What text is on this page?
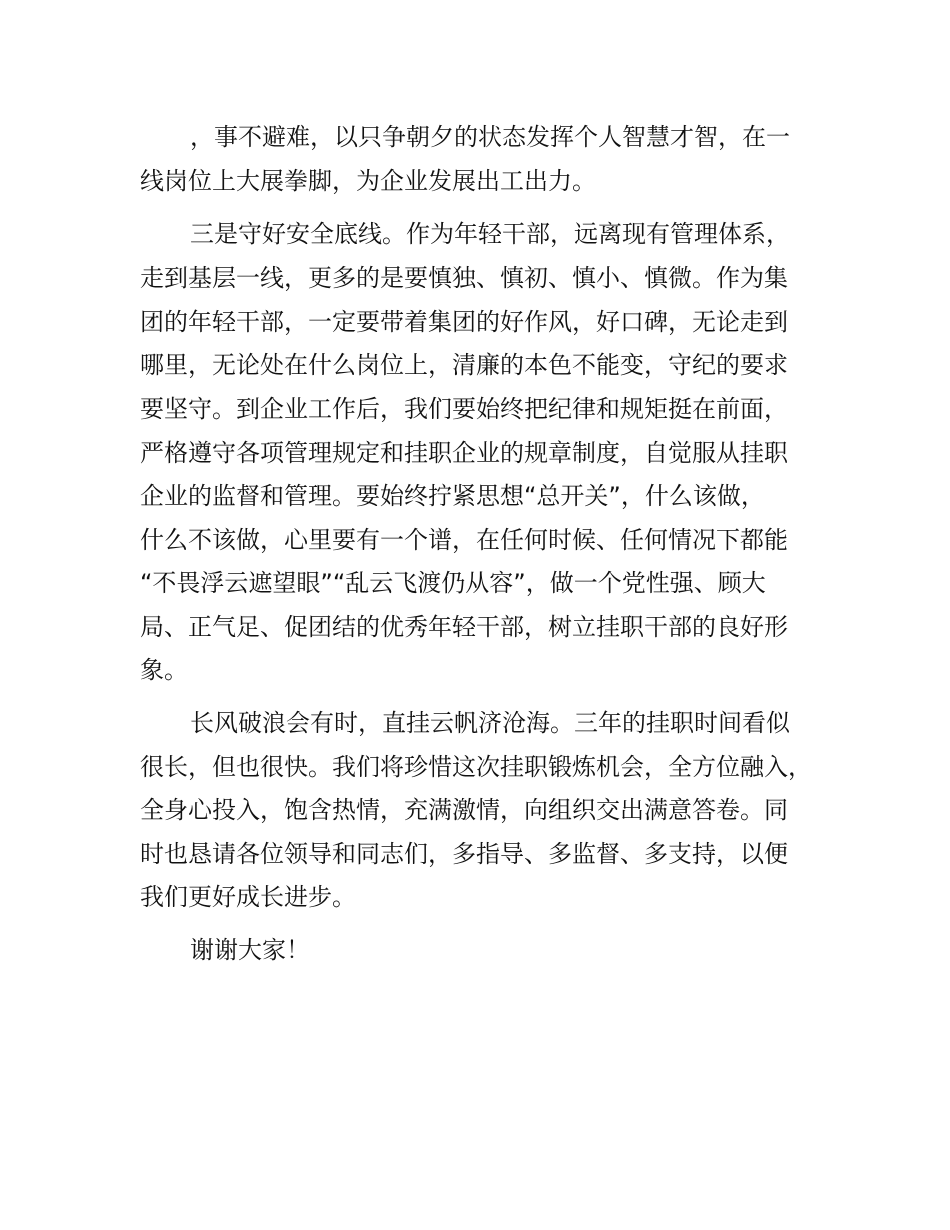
，事不避难，以只争朝夕的状态发挥个人智慧才智，在一
线岗位上大展拳脚，为企业发展出工出力。
三是守好安全底线。作为年轻干部，远离现有管理体系，
走到基层一线，更多的是要慎独、慎初、慎小、慎微。作为集
团的年轻干部，一定要带着集团的好作风，好口碑，无论走到
哪里，无论处在什么岗位上，清廉的本色不能变，守纪的要求
要坚守。到企业工作后，我们要始终把纪律和规矩挺在前面，
严格遵守各项管理规定和挂职企业的规章制度，自觉服从挂职
企业的监督和管理。要始终拧紧思想“总开关”，什么该做，
什么不该做，心里要有一个谱，在任何时候、任何情况下都能
“不畏浮云遮望眼”“乱云飞渡仍从容”，做一个党性强、顾大
局、正气足、促团结的优秀年轻干部，树立挂职干部的良好形
象。
长风破浪会有时，直挂云帆济沧海。三年的挂职时间看似
很长，但也很快。我们将珍惜这次挂职锻炼机会，全方位融入，
全身心投入，饱含热情，充满激情，向组织交出满意答卷。同
时也恳请各位领导和同志们，多指导、多监督、多支持，以便
我们更好成长进步。
谢谢大家！
